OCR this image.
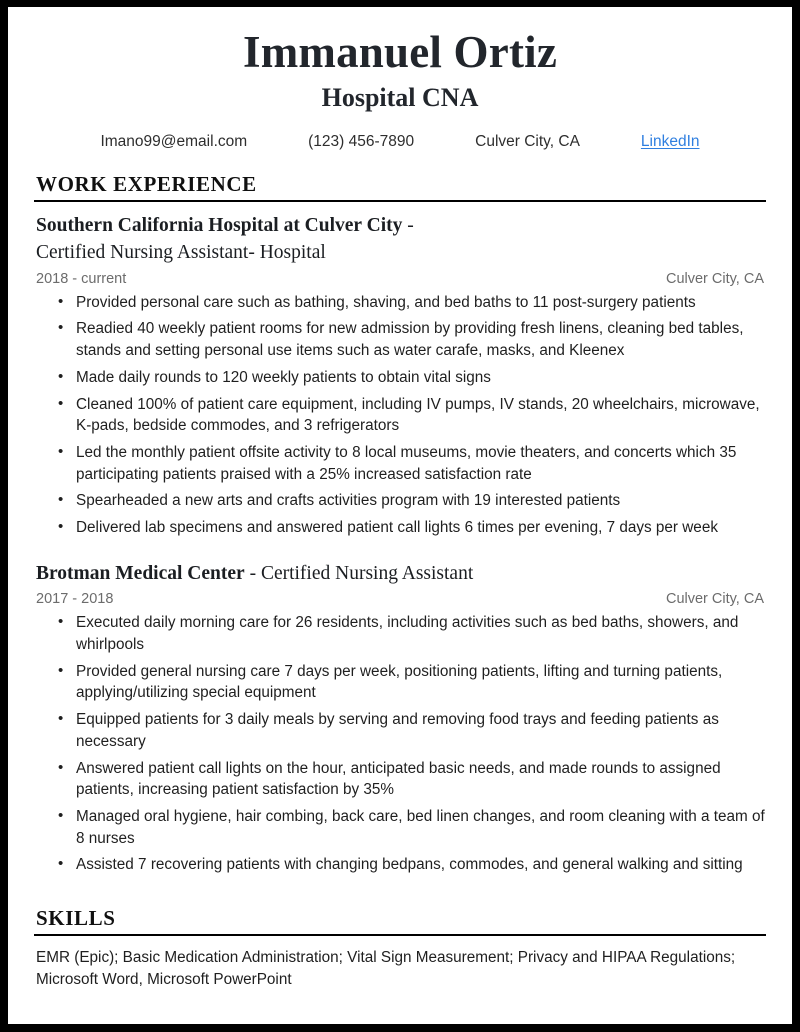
Immanuel Ortiz
Hospital CNA
Imano99@email.com	(123) 456-7890	Culver City, CA	LinkedIn
WORK EXPERIENCE
Southern California Hospital at Culver City -
Certified Nursing Assistant- Hospital
2018 - current	Culver City, CA
• Provided personal care such as bathing, shaving, and bed baths to 11 post-surgery patients
• Readied 40 weekly patient rooms for new admission by providing fresh linens, cleaning bed tables, stands and setting personal use items such as water carafe, masks, and Kleenex
• Made daily rounds to 120 weekly patients to obtain vital signs
• Cleaned 100% of patient care equipment, including IV pumps, IV stands, 20 wheelchairs, microwave, K-pads, bedside commodes, and 3 refrigerators
• Led the monthly patient offsite activity to 8 local museums, movie theaters, and concerts which 35 participating patients praised with a 25% increased satisfaction rate
• Spearheaded a new arts and crafts activities program with 19 interested patients
• Delivered lab specimens and answered patient call lights 6 times per evening, 7 days per week
Brotman Medical Center - Certified Nursing Assistant
2017 - 2018	Culver City, CA
• Executed daily morning care for 26 residents, including activities such as bed baths, showers, and whirlpools
• Provided general nursing care 7 days per week, positioning patients, lifting and turning patients, applying/utilizing special equipment
• Equipped patients for 3 daily meals by serving and removing food trays and feeding patients as necessary
• Answered patient call lights on the hour, anticipated basic needs, and made rounds to assigned patients, increasing patient satisfaction by 35%
• Managed oral hygiene, hair combing, back care, bed linen changes, and room cleaning with a team of 8 nurses
• Assisted 7 recovering patients with changing bedpans, commodes, and general walking and sitting
SKILLS

EMR (Epic); Basic Medication Administration; Vital Sign Measurement; Privacy and HIPAA Regulations; Microsoft Word, Microsoft PowerPoint
